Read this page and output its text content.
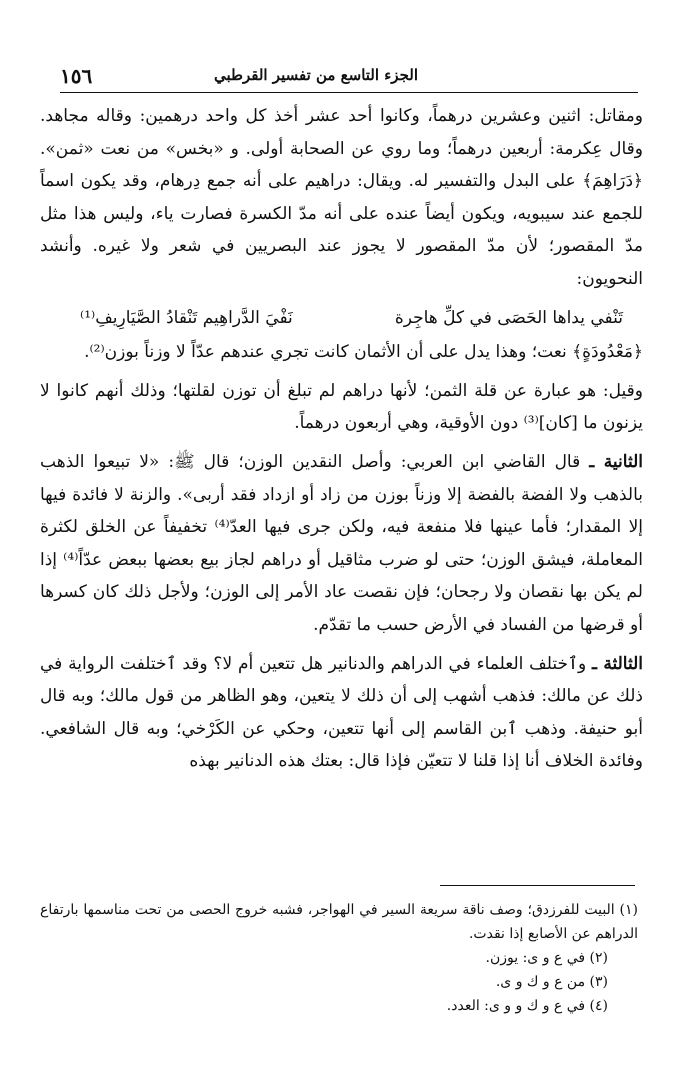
١٥٦	الجزء التاسع من تفسير القرطبي

ومقاتل: اثنين وعشرين درهماً، وكانوا أحد عشر أخذ كل واحد درهمين: وقاله مجاهد. وقال عِكرمة: أربعين درهماً؛ وما روي عن الصحابة أولى. و «بخس» من نعت «ثمن». ﴿دَرَاهِمَ﴾ على البدل والتفسير له. ويقال: دراهيم على أنه جمع دِرهام، وقد يكون اسماً للجمع عند سيبويه، ويكون أيضاً عنده على أنه مدّ الكسرة فصارت ياء، وليس هذا مثل مدّ المقصور؛ لأن مدّ المقصور لا يجوز عند البصريين في شعر ولا غيره. وأنشد النحويون:

تَنْفي يداها الحَصَى في كلِّ هاجِرة
نَفْيَ الدَّراهِيم تَنْقادُ الصَّيَارِيفِ⁽¹⁾

﴿مَعْدُودَةٍ﴾ نعت؛ وهذا يدل على أن الأثمان كانت تجري عندهم عدّاً لا وزناً بوزن⁽²⁾.

وقيل: هو عبارة عن قلة الثمن؛ لأنها دراهم لم تبلغ أن توزن لقلتها؛ وذلك أنهم كانوا لا يزنون ما [كان]⁽³⁾ دون الأوقية، وهي أربعون درهماً.

الثانية ـ قال القاضي ابن العربي: وأصل النقدين الوزن؛ قال ﷺ: «لا تبيعوا الذهب بالذهب ولا الفضة بالفضة إلا وزناً بوزن من زاد أو ازداد فقد أربى». والزنة لا فائدة فيها إلا المقدار؛ فأما عينها فلا منفعة فيه، ولكن جرى فيها العدّ⁽⁴⁾ تخفيفاً عن الخلق لكثرة المعاملة، فيشق الوزن؛ حتى لو ضرب مثاقيل أو دراهم لجاز بيع بعضها ببعض عدّاً⁽⁴⁾ إذا لم يكن بها نقصان ولا رجحان؛ فإن نقصت عاد الأمر إلى الوزن؛ ولأجل ذلك كان كسرها أو قرضها من الفساد في الأرض حسب ما تقدّم.

الثالثة ـ وٱختلف العلماء في الدراهم والدنانير هل تتعين أم لا؟ وقد ٱختلفت الرواية في ذلك عن مالك: فذهب أشهب إلى أن ذلك لا يتعين، وهو الظاهر من قول مالك؛ وبه قال أبو حنيفة. وذهب ٱبن القاسم إلى أنها تتعين، وحكي عن الكَرْخي؛ وبه قال الشافعي. وفائدة الخلاف أنا إذا قلنا لا تتعيّن فإذا قال: بعتك هذه الدنانير بهذه

(١) البيت للفرزدق؛ وصف ناقة سريعة السير في الهواجر، فشبه خروج الحصى من تحت مناسمها بارتفاع الدراهم عن الأصابع إذا نقدت.

(٢) في ع و ى: يوزن.

(٣) من ع و ك و ى.

(٤) في ع و ك و و ى: العدد.
